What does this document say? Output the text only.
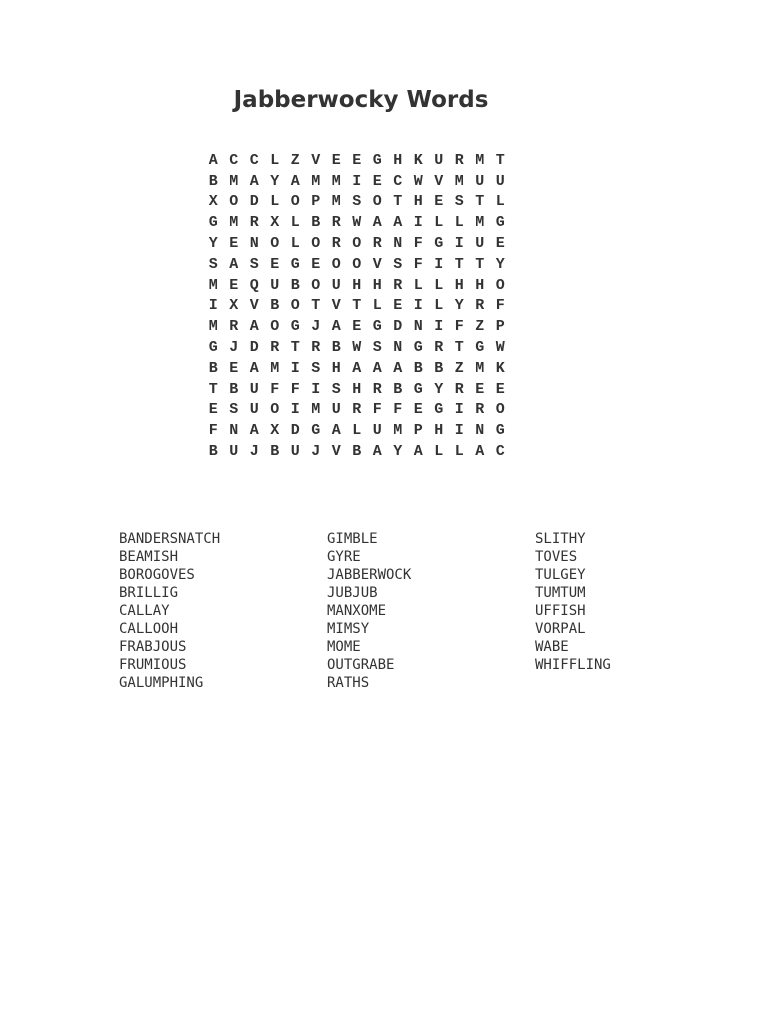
Jabberwocky Words
A C C L Z V E E G H K U R M T
B M A Y A M M I E C W V M U U
X O D L O P M S O T H E S T L
G M R X L B R W A A I L L M G
Y E N O L O R O R N F G I U E
S A S E G E O O V S F I T T Y
M E Q U B O U H H R L L H H O
I X V B O T V T L E I L Y R F
M R A O G J A E G D N I F Z P
G J D R T R B W S N G R T G W
B E A M I S H A A A B B Z M K
T B U F F I S H R B G Y R E E
E S U O I M U R F F E G I R O
F N A X D G A L U M P H I N G
B U J B U J V B A Y A L L A C
BANDERSNATCH
BEAMISH
BOROGOVES
BRILLIG
CALLAY
CALLOOH
FRABJOUS
FRUMIOUS
GALUMPHING
GIMBLE
GYRE
JABBERWOCK
JUBJUB
MANXOME
MIMSY
MOME
OUTGRABE
RATHS
SLITHY
TOVES
TULGEY
TUMTUM
UFFISH
VORPAL
WABE
WHIFFLING
